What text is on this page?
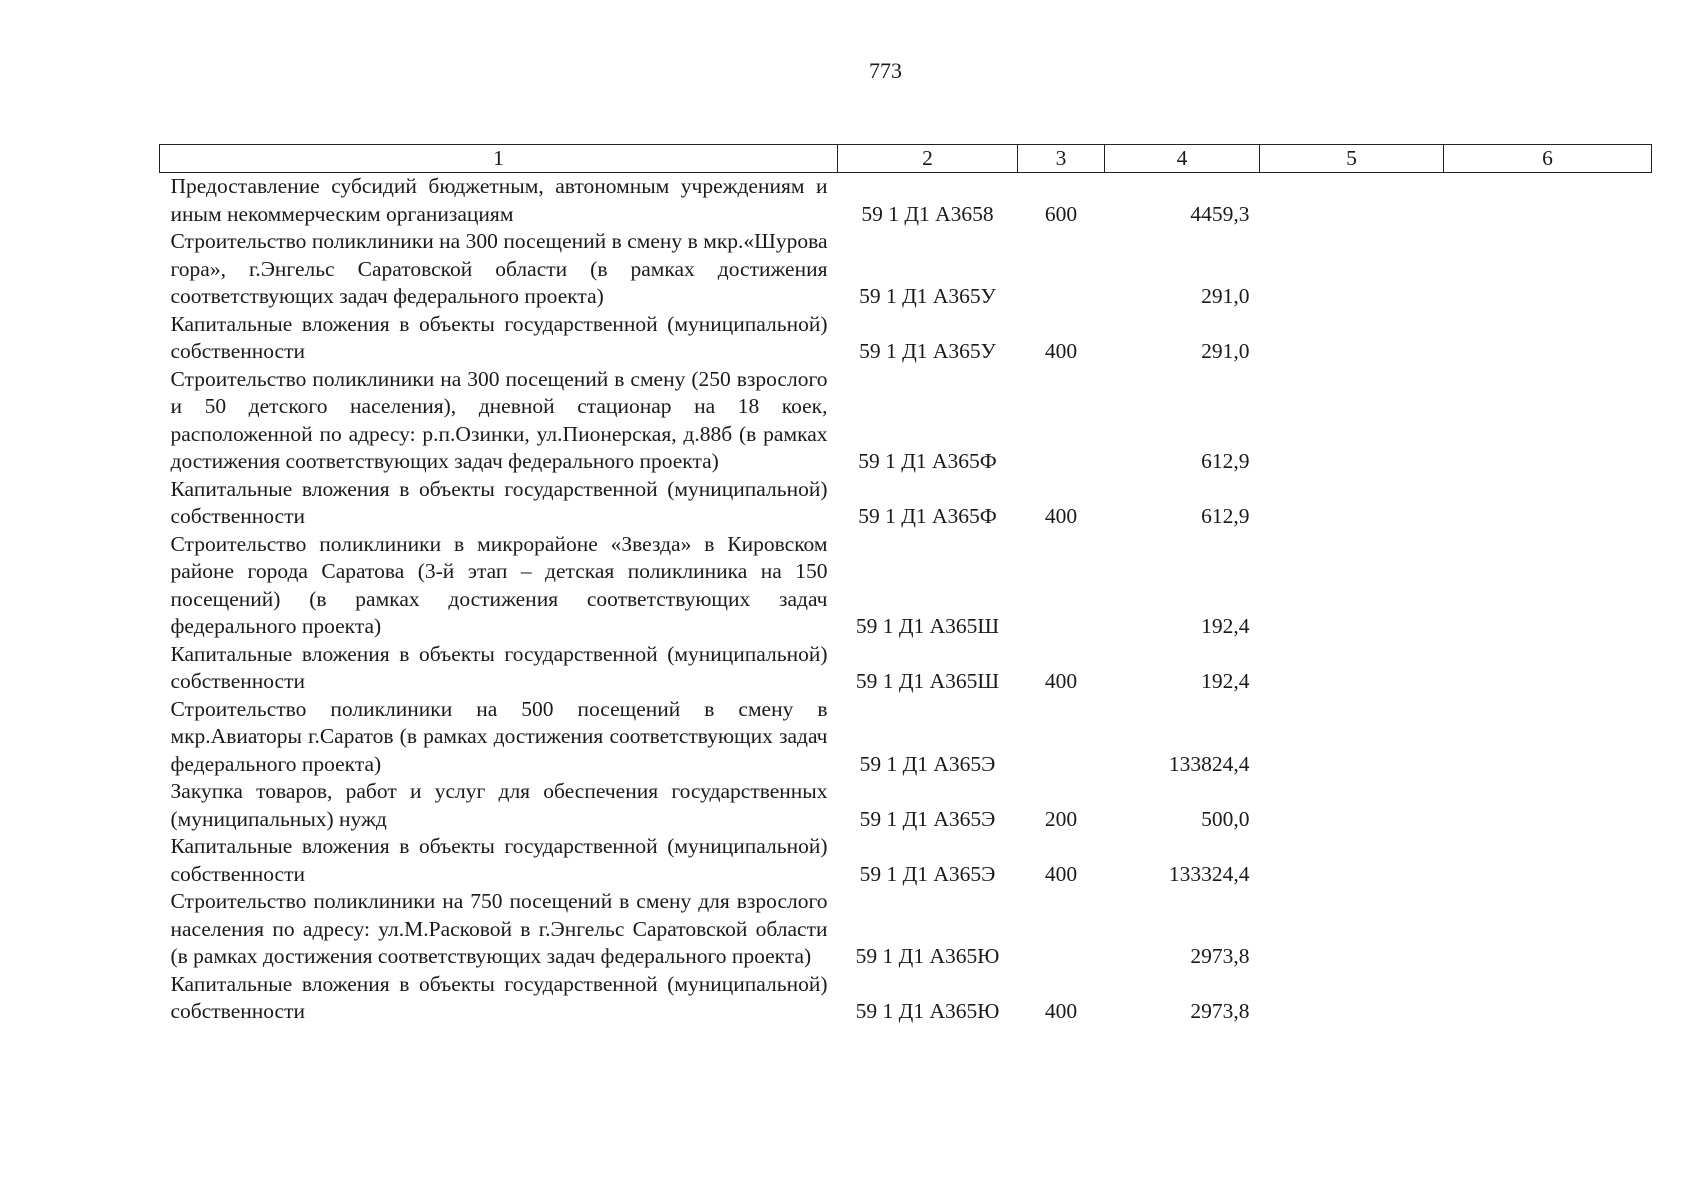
773
1	2	3	4	5	6
Предоставление субсидий бюджетным, автономным учреждениям и иным некоммерческим организациям	59 1 Д1 А3658	600	4459,3		
Строительство поликлиники на 300 посещений в смену в мкр.«Шурова гора», г.Энгельс Саратовской области (в рамках достижения соответствующих задач федерального проекта)	59 1 Д1 А365У		291,0		
Капитальные вложения в объекты государственной (муниципальной) собственности	59 1 Д1 А365У	400	291,0		
Строительство поликлиники на 300 посещений в смену (250 взрослого и 50 детского населения), дневной стационар на 18 коек, расположенной по адресу: р.п.Озинки, ул.Пионерская, д.88б (в рамках достижения соответствующих задач федерального проекта)	59 1 Д1 А365Ф		612,9		
Капитальные вложения в объекты государственной (муниципальной) собственности	59 1 Д1 А365Ф	400	612,9		
Строительство поликлиники в микрорайоне «Звезда» в Кировском районе города Саратова (3-й этап – детская поликлиника на 150 посещений) (в рамках достижения соответствующих задач федерального проекта)	59 1 Д1 А365Ш		192,4		
Капитальные вложения в объекты государственной (муниципальной) собственности	59 1 Д1 А365Ш	400	192,4		
Строительство поликлиники на 500 посещений в смену в мкр.Авиаторы г.Саратов (в рамках достижения соответствующих задач федерального проекта)	59 1 Д1 А365Э		133824,4		
Закупка товаров, работ и услуг для обеспечения государственных (муниципальных) нужд	59 1 Д1 А365Э	200	500,0		
Капитальные вложения в объекты государственной (муниципальной) собственности	59 1 Д1 А365Э	400	133324,4		
Строительство поликлиники на 750 посещений в смену для взрослого населения по адресу: ул.М.Расковой в г.Энгельс Саратовской области (в рамках достижения соответствующих задач федерального проекта)	59 1 Д1 А365Ю		2973,8		
Капитальные вложения в объекты государственной (муниципальной) собственности	59 1 Д1 А365Ю	400	2973,8		
